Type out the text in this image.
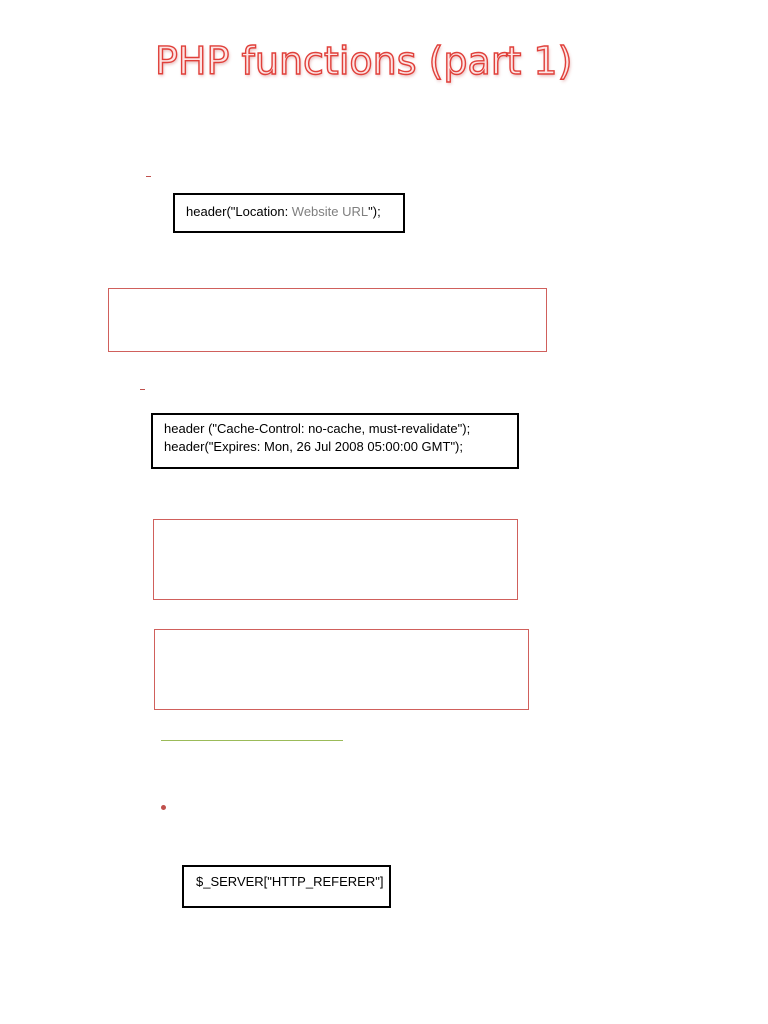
PHP functions (part 1)
header("Location: Website URL");
header ("Cache-Control: no-cache, must-revalidate");
header("Expires: Mon, 26 Jul 2008 05:00:00 GMT");
$_SERVER["HTTP_REFERER"]
